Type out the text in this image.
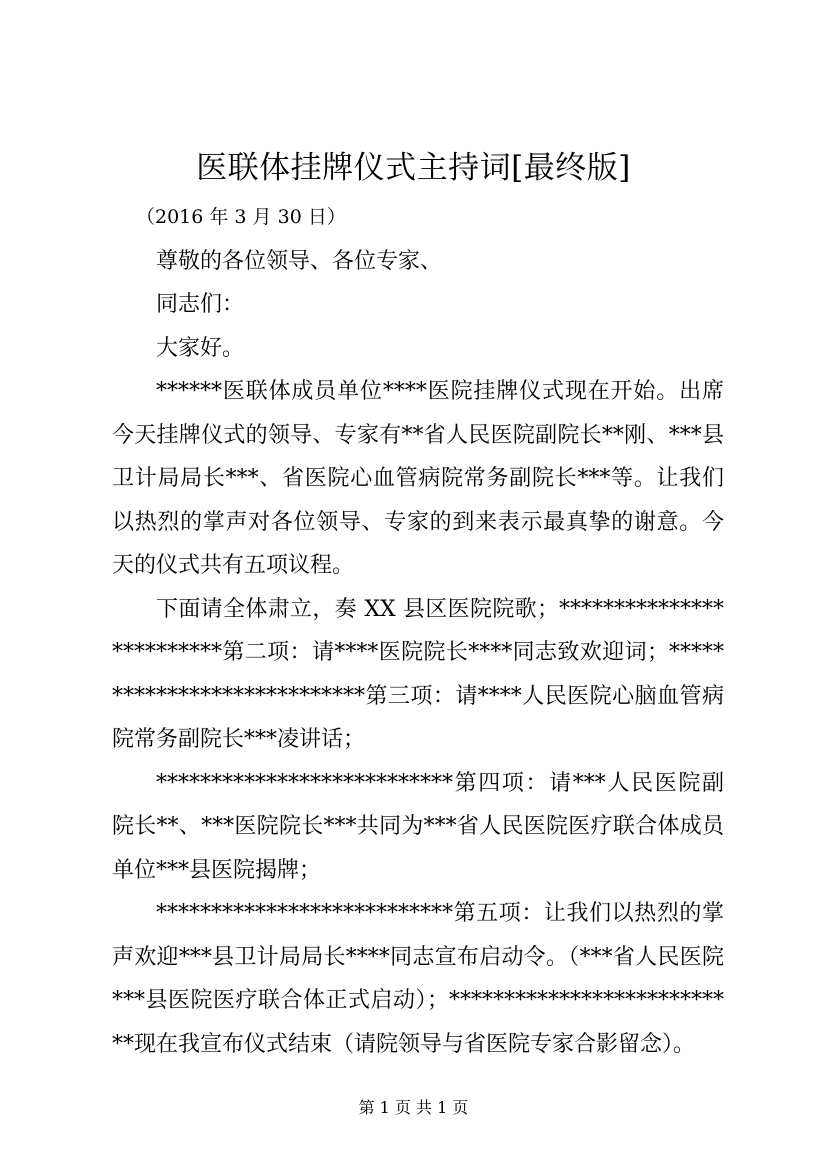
医联体挂牌仪式主持词[最终版]

（2016 年 3 月 30 日）

尊敬的各位领导、各位专家、

同志们：

大家好。

******医联体成员单位****医院挂牌仪式现在开始。出席今天挂牌仪式的领导、专家有**省人民医院副院长**刚、***县卫计局局长***、省医院心血管病院常务副院长***等。让我们以热烈的掌声对各位领导、专家的到来表示最真挚的谢意。今天的仪式共有五项议程。

下面请全体肃立，奏 XX 县区医院院歌；*************************第二项：请****医院院长****同志致欢迎词；****************************第三项：请****人民医院心脑血管病院常务副院长***凌讲话；

***************************第四项：请***人民医院副院长**、***医院院长***共同为***省人民医院医疗联合体成员单位***县医院揭牌；

***************************第五项：让我们以热烈的掌声欢迎***县卫计局局长****同志宣布启动令。（***省人民医院***县医院医疗联合体正式启动）；***************************现在我宣布仪式结束（请院领导与省医院专家合影留念）。

第 1 页 共 1 页
